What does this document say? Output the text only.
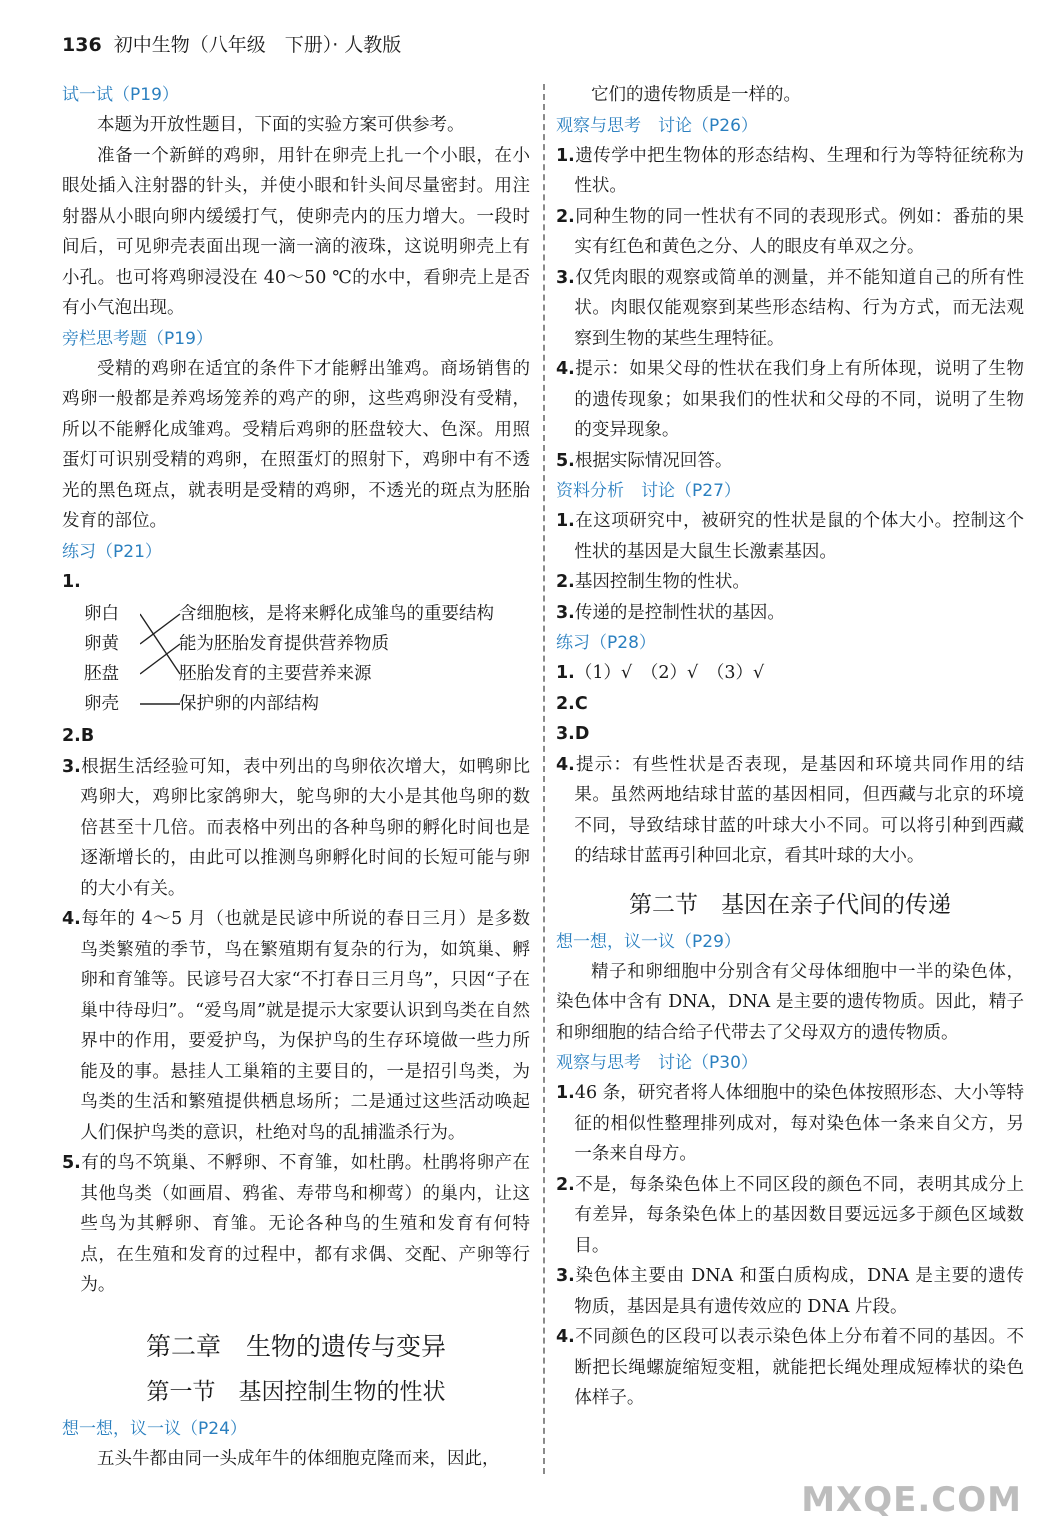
136 初中生物（八年级　下册）· 人教版

试一试（P19）

本题为开放性题目，下面的实验方案可供参考。

准备一个新鲜的鸡卵，用针在卵壳上扎一个小眼，在小眼处插入注射器的针头，并使小眼和针头间尽量密封。用注射器从小眼向卵内缓缓打气，使卵壳内的压力增大。一段时间后，可见卵壳表面出现一滴一滴的液珠，这说明卵壳上有小孔。也可将鸡卵浸没在 40～50 ℃的水中，看卵壳上是否有小气泡出现。

旁栏思考题（P19）

受精的鸡卵在适宜的条件下才能孵出雏鸡。商场销售的鸡卵一般都是养鸡场笼养的鸡产的卵，这些鸡卵没有受精，所以不能孵化成雏鸡。受精后鸡卵的胚盘较大、色深。用照蛋灯可识别受精的鸡卵，在照蛋灯的照射下，鸡卵中有不透光的黑色斑点，就表明是受精的鸡卵，不透光的斑点为胚胎发育的部位。

练习（P21）

1.

卵白
卵黄
胚盘
卵壳
含细胞核，是将来孵化成雏鸟的重要结构
能为胚胎发育提供营养物质
胚胎发育的主要营养来源
保护卵的内部结构

2.B

3.根据生活经验可知，表中列出的鸟卵依次增大，如鸭卵比鸡卵大，鸡卵比家鸽卵大，鸵鸟卵的大小是其他鸟卵的数倍甚至十几倍。而表格中列出的各种鸟卵的孵化时间也是逐渐增长的，由此可以推测鸟卵孵化时间的长短可能与卵的大小有关。

4.每年的 4～5 月（也就是民谚中所说的春日三月）是多数鸟类繁殖的季节，鸟在繁殖期有复杂的行为，如筑巢、孵卵和育雏等。民谚号召大家“不打春日三月鸟”，只因“子在巢中待母归”。“爱鸟周”就是提示大家要认识到鸟类在自然界中的作用，要爱护鸟，为保护鸟的生存环境做一些力所能及的事。悬挂人工巢箱的主要目的，一是招引鸟类，为鸟类的生活和繁殖提供栖息场所；二是通过这些活动唤起人们保护鸟类的意识，杜绝对鸟的乱捕滥杀行为。

5.有的鸟不筑巢、不孵卵、不育雏，如杜鹃。杜鹃将卵产在其他鸟类（如画眉、鸦雀、寿带鸟和柳莺）的巢内，让这些鸟为其孵卵、育雏。无论各种鸟的生殖和发育有何特点，在生殖和发育的过程中，都有求偶、交配、产卵等行为。

第二章　生物的遗传与变异
第一节　基因控制生物的性状

想一想，议一议（P24）

五头牛都由同一头成年牛的体细胞克隆而来，因此，

它们的遗传物质是一样的。

观察与思考　讨论（P26）

1.遗传学中把生物体的形态结构、生理和行为等特征统称为性状。

2.同种生物的同一性状有不同的表现形式。例如：番茄的果实有红色和黄色之分、人的眼皮有单双之分。

3.仅凭肉眼的观察或简单的测量，并不能知道自己的所有性状。肉眼仅能观察到某些形态结构、行为方式，而无法观察到生物的某些生理特征。

4.提示：如果父母的性状在我们身上有所体现，说明了生物的遗传现象；如果我们的性状和父母的不同，说明了生物的变异现象。

5.根据实际情况回答。

资料分析　讨论（P27）

1.在这项研究中，被研究的性状是鼠的个体大小。控制这个性状的基因是大鼠生长激素基因。

2.基因控制生物的性状。

3.传递的是控制性状的基因。

练习（P28）

1.（1）√　（2）√　（3）√

2.C

3.D

4.提示：有些性状是否表现，是基因和环境共同作用的结果。虽然两地结球甘蓝的基因相同，但西藏与北京的环境不同，导致结球甘蓝的叶球大小不同。可以将引种到西藏的结球甘蓝再引种回北京，看其叶球的大小。

第二节　基因在亲子代间的传递

想一想，议一议（P29）

精子和卵细胞中分别含有父母体细胞中一半的染色体，染色体中含有 DNA，DNA 是主要的遗传物质。因此，精子和卵细胞的结合给子代带去了父母双方的遗传物质。

观察与思考　讨论（P30）

1.46 条，研究者将人体细胞中的染色体按照形态、大小等特征的相似性整理排列成对，每对染色体一条来自父方，另一条来自母方。

2.不是，每条染色体上不同区段的颜色不同，表明其成分上有差异，每条染色体上的基因数目要远远多于颜色区域数目。

3.染色体主要由 DNA 和蛋白质构成，DNA 是主要的遗传物质，基因是具有遗传效应的 DNA 片段。

4.不同颜色的区段可以表示染色体上分布着不同的基因。不断把长绳螺旋缩短变粗，就能把长绳处理成短棒状的染色体样子。

MXQE.COM
